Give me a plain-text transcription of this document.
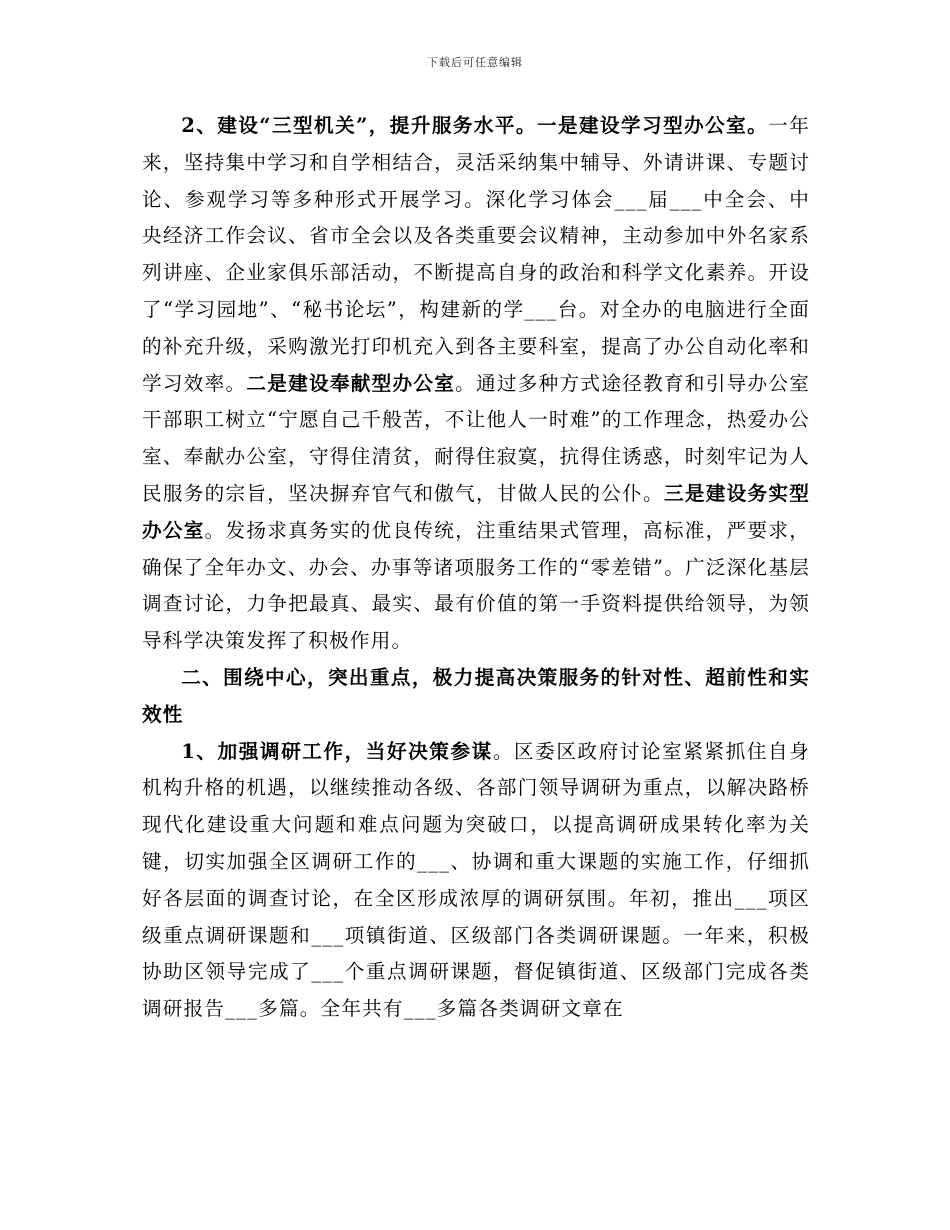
下载后可任意编辑

2、建设“三型机关”，提升服务水平。一是建设学习型办公室。一年来，坚持集中学习和自学相结合，灵活采纳集中辅导、外请讲课、专题讨论、参观学习等多种形式开展学习。深化学习体会___届___中全会、中央经济工作会议、省市全会以及各类重要会议精神，主动参加中外名家系列讲座、企业家俱乐部活动，不断提高自身的政治和科学文化素养。开设了“学习园地”、“秘书论坛”，构建新的学___台。对全办的电脑进行全面的补充升级，采购激光打印机充入到各主要科室，提高了办公自动化率和学习效率。二是建设奉献型办公室。通过多种方式途径教育和引导办公室干部职工树立“宁愿自己千般苦，不让他人一时难”的工作理念，热爱办公室、奉献办公室，守得住清贫，耐得住寂寞，抗得住诱惑，时刻牢记为人民服务的宗旨，坚决摒弃官气和傲气，甘做人民的公仆。三是建设务实型办公室。发扬求真务实的优良传统，注重结果式管理，高标准，严要求，确保了全年办文、办会、办事等诸项服务工作的“零差错”。广泛深化基层调查讨论，力争把最真、最实、最有价值的第一手资料提供给领导，为领导科学决策发挥了积极作用。

二、围绕中心，突出重点，极力提高决策服务的针对性、超前性和实效性

1、加强调研工作，当好决策参谋。区委区政府讨论室紧紧抓住自身机构升格的机遇，以继续推动各级、各部门领导调研为重点，以解决路桥现代化建设重大问题和难点问题为突破口，以提高调研成果转化率为关键，切实加强全区调研工作的___、协调和重大课题的实施工作，仔细抓好各层面的调查讨论，在全区形成浓厚的调研氛围。年初，推出___项区级重点调研课题和___项镇街道、区级部门各类调研课题。一年来，积极协助区领导完成了___个重点调研课题，督促镇街道、区级部门完成各类调研报告___多篇。全年共有___多篇各类调研文章在
